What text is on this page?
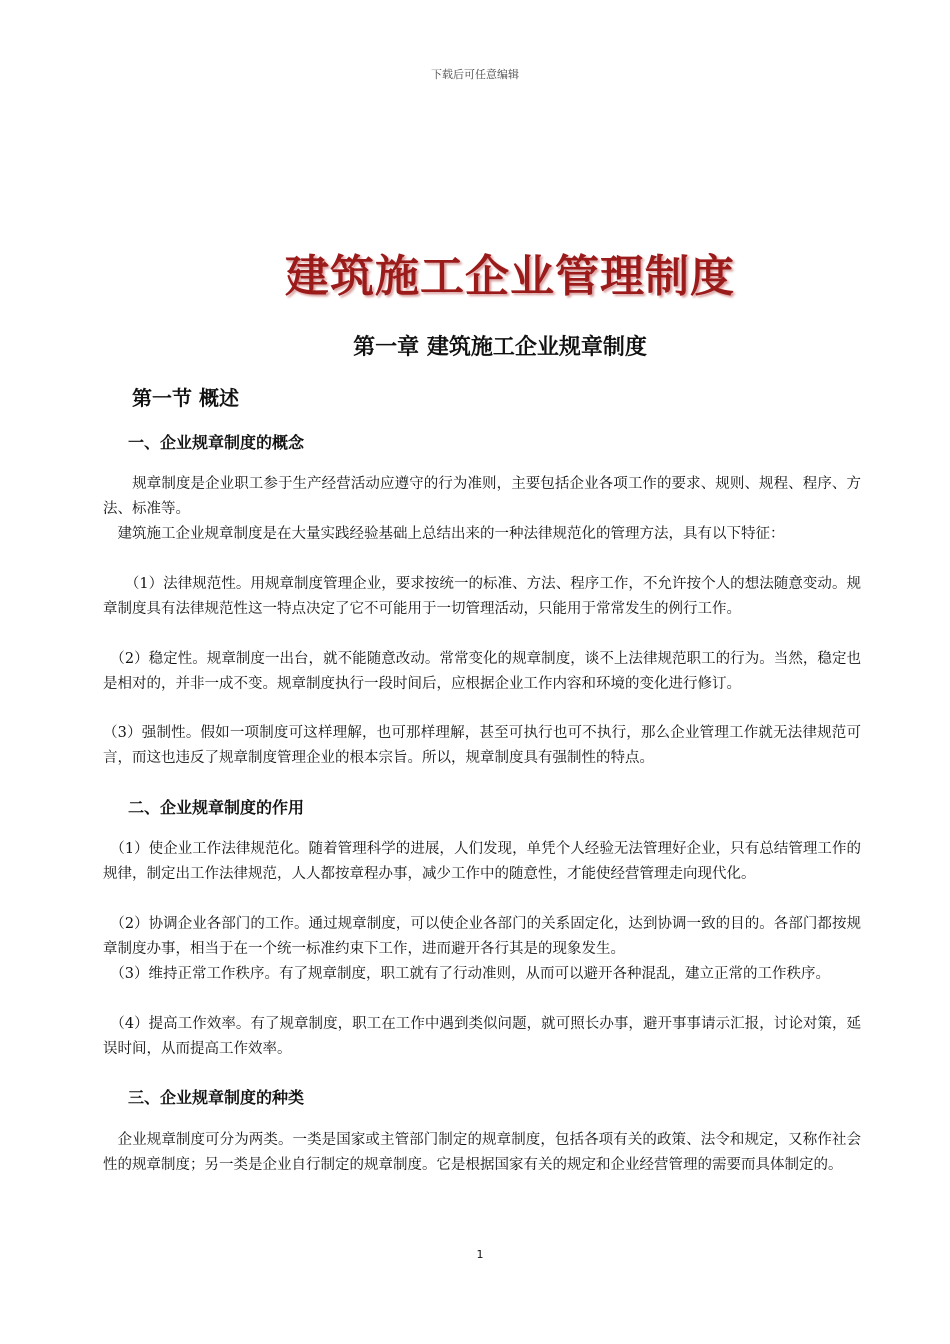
下载后可任意编辑
建筑施工企业管理制度
第一章 建筑施工企业规章制度
第一节 概述
一、企业规章制度的概念

　　规章制度是企业职工参于生产经营活动应遵守的行为准则，主要包括企业各项工作的要求、规则、规程、程序、方法、标准等。

　建筑施工企业规章制度是在大量实践经验基础上总结出来的一种法律规范化的管理方法，具有以下特征：

　　（1）法律规范性。用规章制度管理企业，要求按统一的标准、方法、程序工作，不允许按个人的想法随意变动。规章制度具有法律规范性这一特点决定了它不可能用于一切管理活动，只能用于常常发生的例行工作。

　（2）稳定性。规章制度一出台，就不能随意改动。常常变化的规章制度，谈不上法律规范职工的行为。当然，稳定也是相对的，并非一成不变。规章制度执行一段时间后，应根据企业工作内容和环境的变化进行修订。

（3）强制性。假如一项制度可这样理解，也可那样理解，甚至可执行也可不执行，那么企业管理工作就无法律规范可言，而这也违反了规章制度管理企业的根本宗旨。所以，规章制度具有强制性的特点。

二、企业规章制度的作用

　（1）使企业工作法律规范化。随着管理科学的进展，人们发现，单凭个人经验无法管理好企业，只有总结管理工作的规律，制定出工作法律规范，人人都按章程办事，减少工作中的随意性，才能使经营管理走向现代化。

　（2）协调企业各部门的工作。通过规章制度，可以使企业各部门的关系固定化，达到协调一致的目的。各部门都按规章制度办事，相当于在一个统一标准约束下工作，进而避开各行其是的现象发生。

　（3）维持正常工作秩序。有了规章制度，职工就有了行动准则，从而可以避开各种混乱，建立正常的工作秩序。

　（4）提高工作效率。有了规章制度，职工在工作中遇到类似问题，就可照长办事，避开事事请示汇报，讨论对策，延误时间，从而提高工作效率。

三、企业规章制度的种类

　企业规章制度可分为两类。一类是国家或主管部门制定的规章制度，包括各项有关的政策、法令和规定，又称作社会性的规章制度；另一类是企业自行制定的规章制度。它是根据国家有关的规定和企业经营管理的需要而具体制定的。

1
